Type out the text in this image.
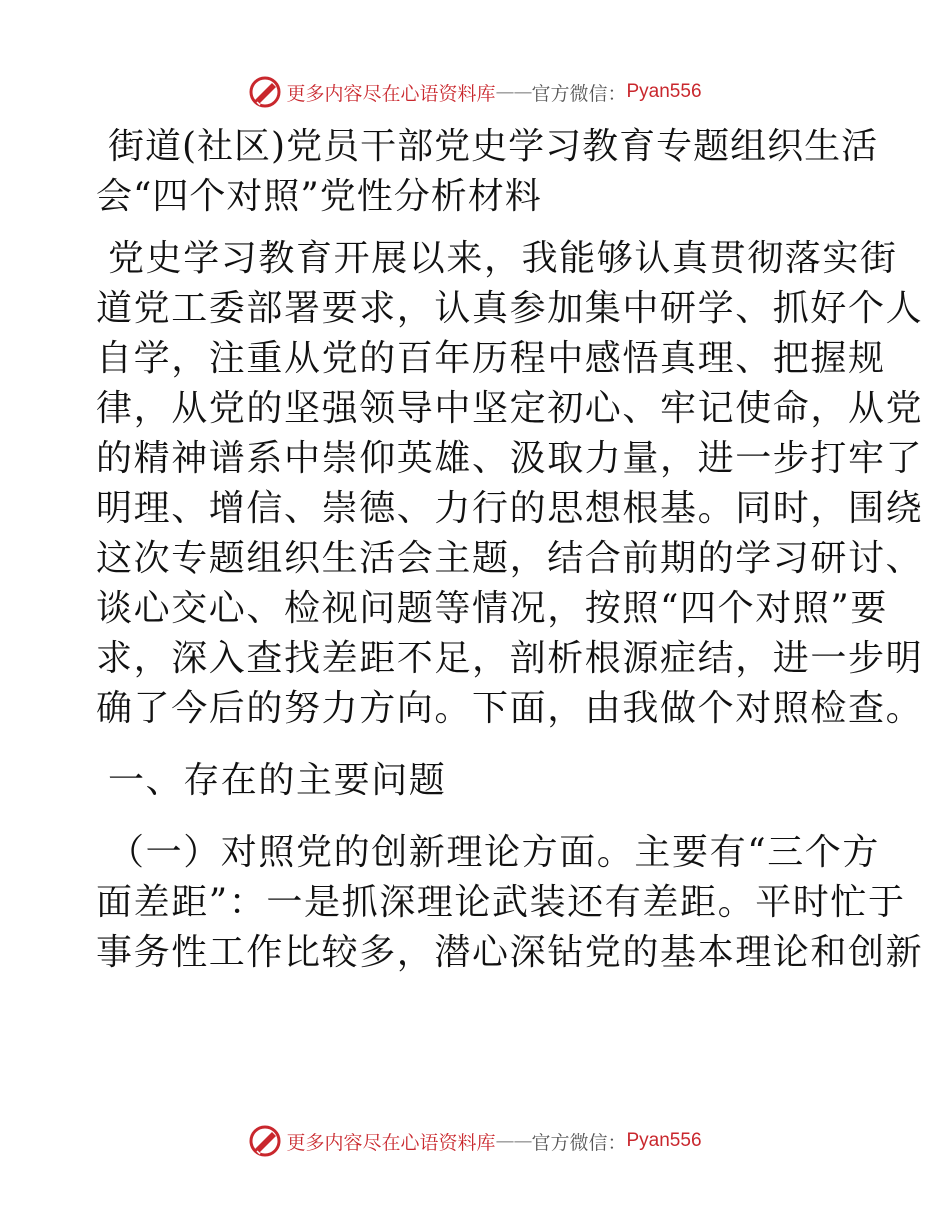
更多内容尽在心语资料库 —— 官方微信： Pyan556
街道(社区)党员干部党史学习教育专题组织生活
会“四个对照”党性分析材料
党史学习教育开展以来，我能够认真贯彻落实街
道党工委部署要求，认真参加集中研学、抓好个人
自学，注重从党的百年历程中感悟真理、把握规
律，从党的坚强领导中坚定初心、牢记使命，从党
的精神谱系中崇仰英雄、汲取力量，进一步打牢了
明理、增信、崇德、力行的思想根基。同时，围绕
这次专题组织生活会主题，结合前期的学习研讨、
谈心交心、检视问题等情况，按照“四个对照”要
求，深入查找差距不足，剖析根源症结，进一步明
确了今后的努力方向。下面，由我做个对照检查。
一、存在的主要问题
（一）对照党的创新理论方面。主要有“三个方
面差距”：一是抓深理论武装还有差距。平时忙于
事务性工作比较多，潜心深钻党的基本理论和创新
更多内容尽在心语资料库 —— 官方微信： Pyan556
